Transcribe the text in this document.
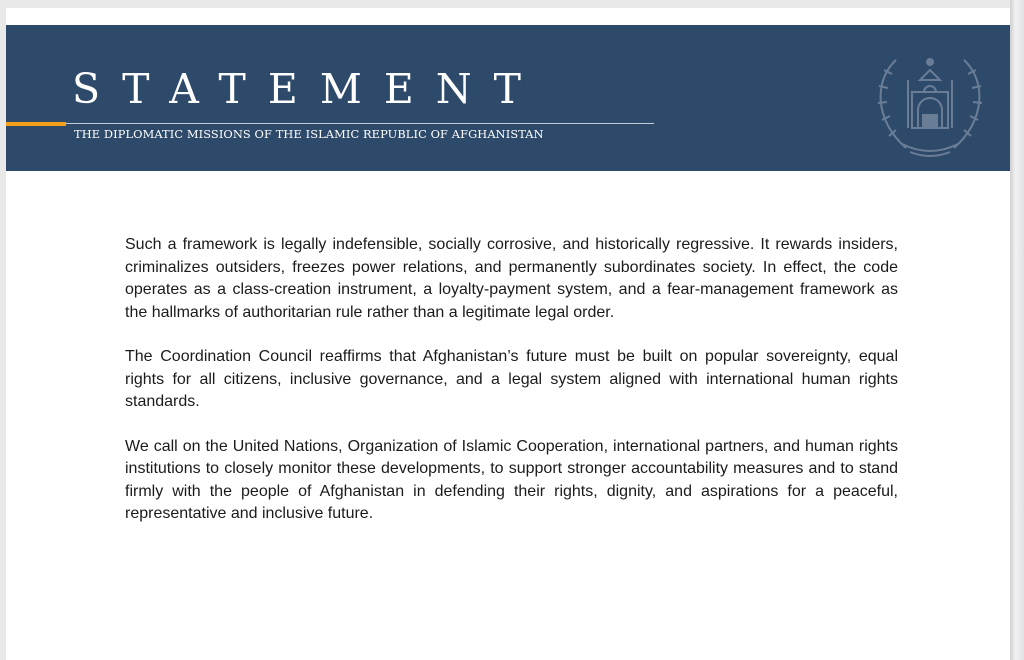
STATEMENT
THE DIPLOMATIC MISSIONS OF THE ISLAMIC REPUBLIC OF AFGHANISTAN

Such a framework is legally indefensible, socially corrosive, and historically regressive. It rewards insiders, criminalizes outsiders, freezes power relations, and permanently subordinates society. In effect, the code operates as a class-creation instrument, a loyalty-payment system, and a fear-management framework as the hallmarks of authoritarian rule rather than a legitimate legal order.

The Coordination Council reaffirms that Afghanistan’s future must be built on popular sovereignty, equal rights for all citizens, inclusive governance, and a legal system aligned with international human rights standards.

We call on the United Nations, Organization of Islamic Cooperation, international partners, and human rights institutions to closely monitor these developments, to support stronger accountability measures and to stand firmly with the people of Afghanistan in defending their rights, dignity, and aspirations for a peaceful, representative and inclusive future.
